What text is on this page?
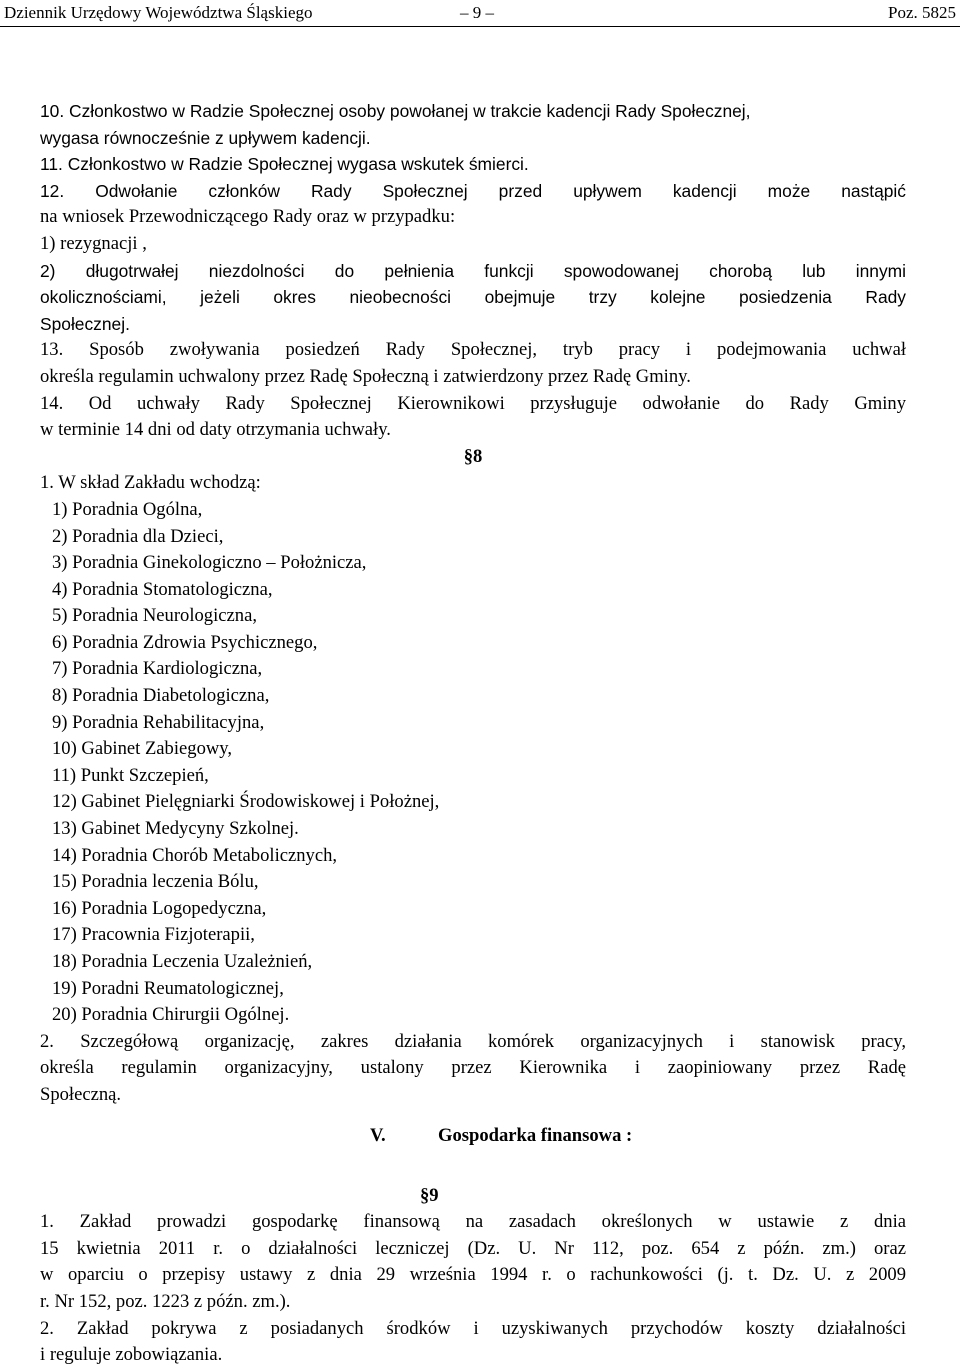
Dziennik Urzędowy Województwa Śląskiego	– 9 –	Poz. 5825

10. Członkostwo w Radzie Społecznej osoby powołanej w trakcie kadencji Rady Społecznej,

wygasa równocześnie z upływem kadencji.

11. Członkostwo w Radzie Społecznej wygasa wskutek śmierci.

12. Odwołanie członków Rady Społecznej przed upływem kadencji może nastąpić

na wniosek Przewodniczącego Rady oraz w przypadku:

1) rezygnacji ,

2) długotrwałej niezdolności do pełnienia funkcji spowodowanej chorobą lub innymi

okolicznościami, jeżeli okres nieobecności obejmuje trzy kolejne posiedzenia Rady

Społecznej.

13. Sposób zwoływania posiedzeń Rady Społecznej, tryb pracy i podejmowania uchwał

określa regulamin uchwalony przez Radę Społeczną i zatwierdzony przez Radę Gminy.

14. Od uchwały Rady Społecznej Kierownikowi przysługuje odwołanie do Rady Gminy

w terminie 14 dni od daty otrzymania uchwały.

§8

1. W skład Zakładu wchodzą:

1) Poradnia Ogólna,

2) Poradnia dla Dzieci,

3) Poradnia Ginekologiczno – Położnicza,

4) Poradnia Stomatologiczna,

5) Poradnia Neurologiczna,

6) Poradnia Zdrowia Psychicznego,

7) Poradnia Kardiologiczna,

8) Poradnia Diabetologiczna,

9) Poradnia Rehabilitacyjna,

10) Gabinet Zabiegowy,

11) Punkt Szczepień,

12) Gabinet Pielęgniarki Środowiskowej i Położnej,

13) Gabinet Medycyny Szkolnej.

14) Poradnia Chorób Metabolicznych,

15) Poradnia leczenia Bólu,

16) Poradnia Logopedyczna,

17) Pracownia Fizjoterapii,

18) Poradnia Leczenia Uzależnień,

19) Poradni Reumatologicznej,

20) Poradnia Chirurgii Ogólnej.

2. Szczegółową organizację, zakres działania komórek organizacyjnych i stanowisk pracy,

określa regulamin organizacyjny, ustalony przez Kierownika i zaopiniowany przez Radę

Społeczną.

V.	Gospodarka finansowa :

§9

1. Zakład prowadzi gospodarkę finansową na zasadach określonych w ustawie z dnia

15 kwietnia 2011 r. o działalności leczniczej (Dz. U. Nr 112, poz. 654 z późn. zm.) oraz

w oparciu o przepisy ustawy z dnia 29 września 1994 r. o rachunkowości (j. t. Dz. U. z 2009

r. Nr 152, poz. 1223 z późn. zm.).

2. Zakład pokrywa z posiadanych środków i uzyskiwanych przychodów koszty działalności

i reguluje zobowiązania.
